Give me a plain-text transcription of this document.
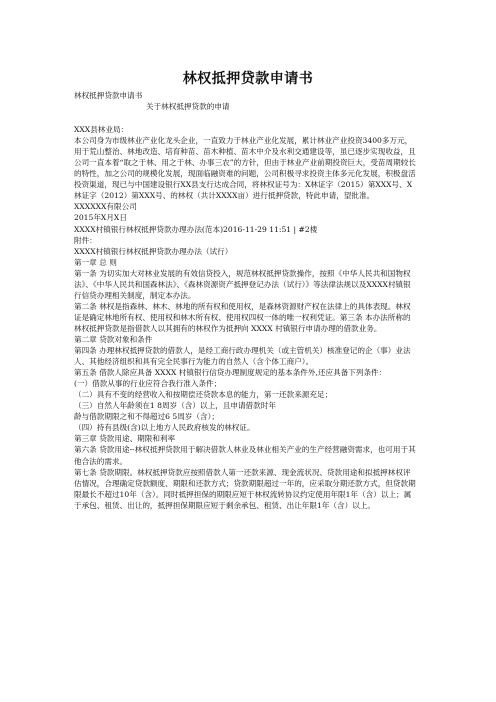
林权抵押贷款申请书

林权抵押贷款申请书

关于林权抵押贷款的申请

XXX县林业局：

本公司身为市级林业产业化龙头企业，一直致力于林业产业化发展，累计林业产业投资3400多万元，用于荒山整治、林地改造、培育种苗、苗木种植、苗木中介及水利交通建设等，虽已逐步实现收益，且公司一直本着“取之于林、用之于林、办事三农”的方针，但由于林业产业前期投资巨大，受苗周期较长的特性，加之公司的规模化发展，现面临融资难的问题，公司积极寻求投资主体多元化发展，积极盘活投资渠道，现已与中国建设银行XX县支行达成合同，将林权证号为：X林证字（2015）第XXX号、X林证字（2012）第XXX号、的林权（共计XXXX亩）进行抵押贷款，特此申请，望批准。

XXXXXX有限公司

2015年X月X日

XXXX村镇银行林权抵押贷款办理办法(范本)2016-11-29 11:51 | #2楼

附件：

XXXX村镇银行林权抵押贷款办理办法（试行）

第一章 总 则

第一条 为切实加大对林业发展的有效信贷投入，规范林权抵押贷款操作，按照《中华人民共和国物权法》、《中华人民共和国森林法》、《森林资源资产抵押登记办法（试行）》等法律法规以及XXXX村镇银行信贷办理相关制度，制定本办法。

第二条 林权是指森林、林木、林地的所有权和使用权，是森林资源财产权在法律上的具体表现。林权证是确定林地所有权、使用权和林木所有权、使用权四权一体的唯一权利凭证。第三条 本办法所称的林权抵押贷款是指借款人以其拥有的林权作为抵押向 XXXX 村镇银行申请办理的借款业务。

第二章 贷款对象和条件

第四条 办理林权抵押贷款的借款人，是经工商行政办理机关（或主管机关）核准登记的企（事）业法人、其他经济组织和具有完全民事行为能力的自然人（含个体工商户）。

第五条 借款人除应具备 XXXX 村镇银行信贷办理制度规定的基本条件外,还应具备下列条件：

(一）借款从事的行业应符合我行准入条件；

（二）具有不变的经营收入和按期偿还贷款本息的能力，第一还款来源充足；

（三）自然人年龄须在1 8周岁（含）以上，且申请借款时年

龄与借款期限之和不得超过6 5周岁（含）；

（四）持有县级(含)以上地方人民政府核发的林权证。

第三章 贷款用途、期限和利率

第六条 贷款用途--林权抵押贷款用于解决借款人林业及林业相关产业的生产经营融资需求，也可用于其他合法的需求。

第七条 贷款期限。林权抵押贷款应按照借款人第一还款来源、现金流状况、贷款用途和拟抵押林权评估情况，合理确定贷款额度、期限和还款方式；贷款期限超过一年的，应采取分期还款方式，但贷款期限最长不超过10年（含）。同时抵押担保的期限应短于林权流转协议约定使用年限1年（含）以上；属于承包、租赁、出让的，抵押担保期限应短于剩余承包、租赁、出让年限1年（含）以上。
